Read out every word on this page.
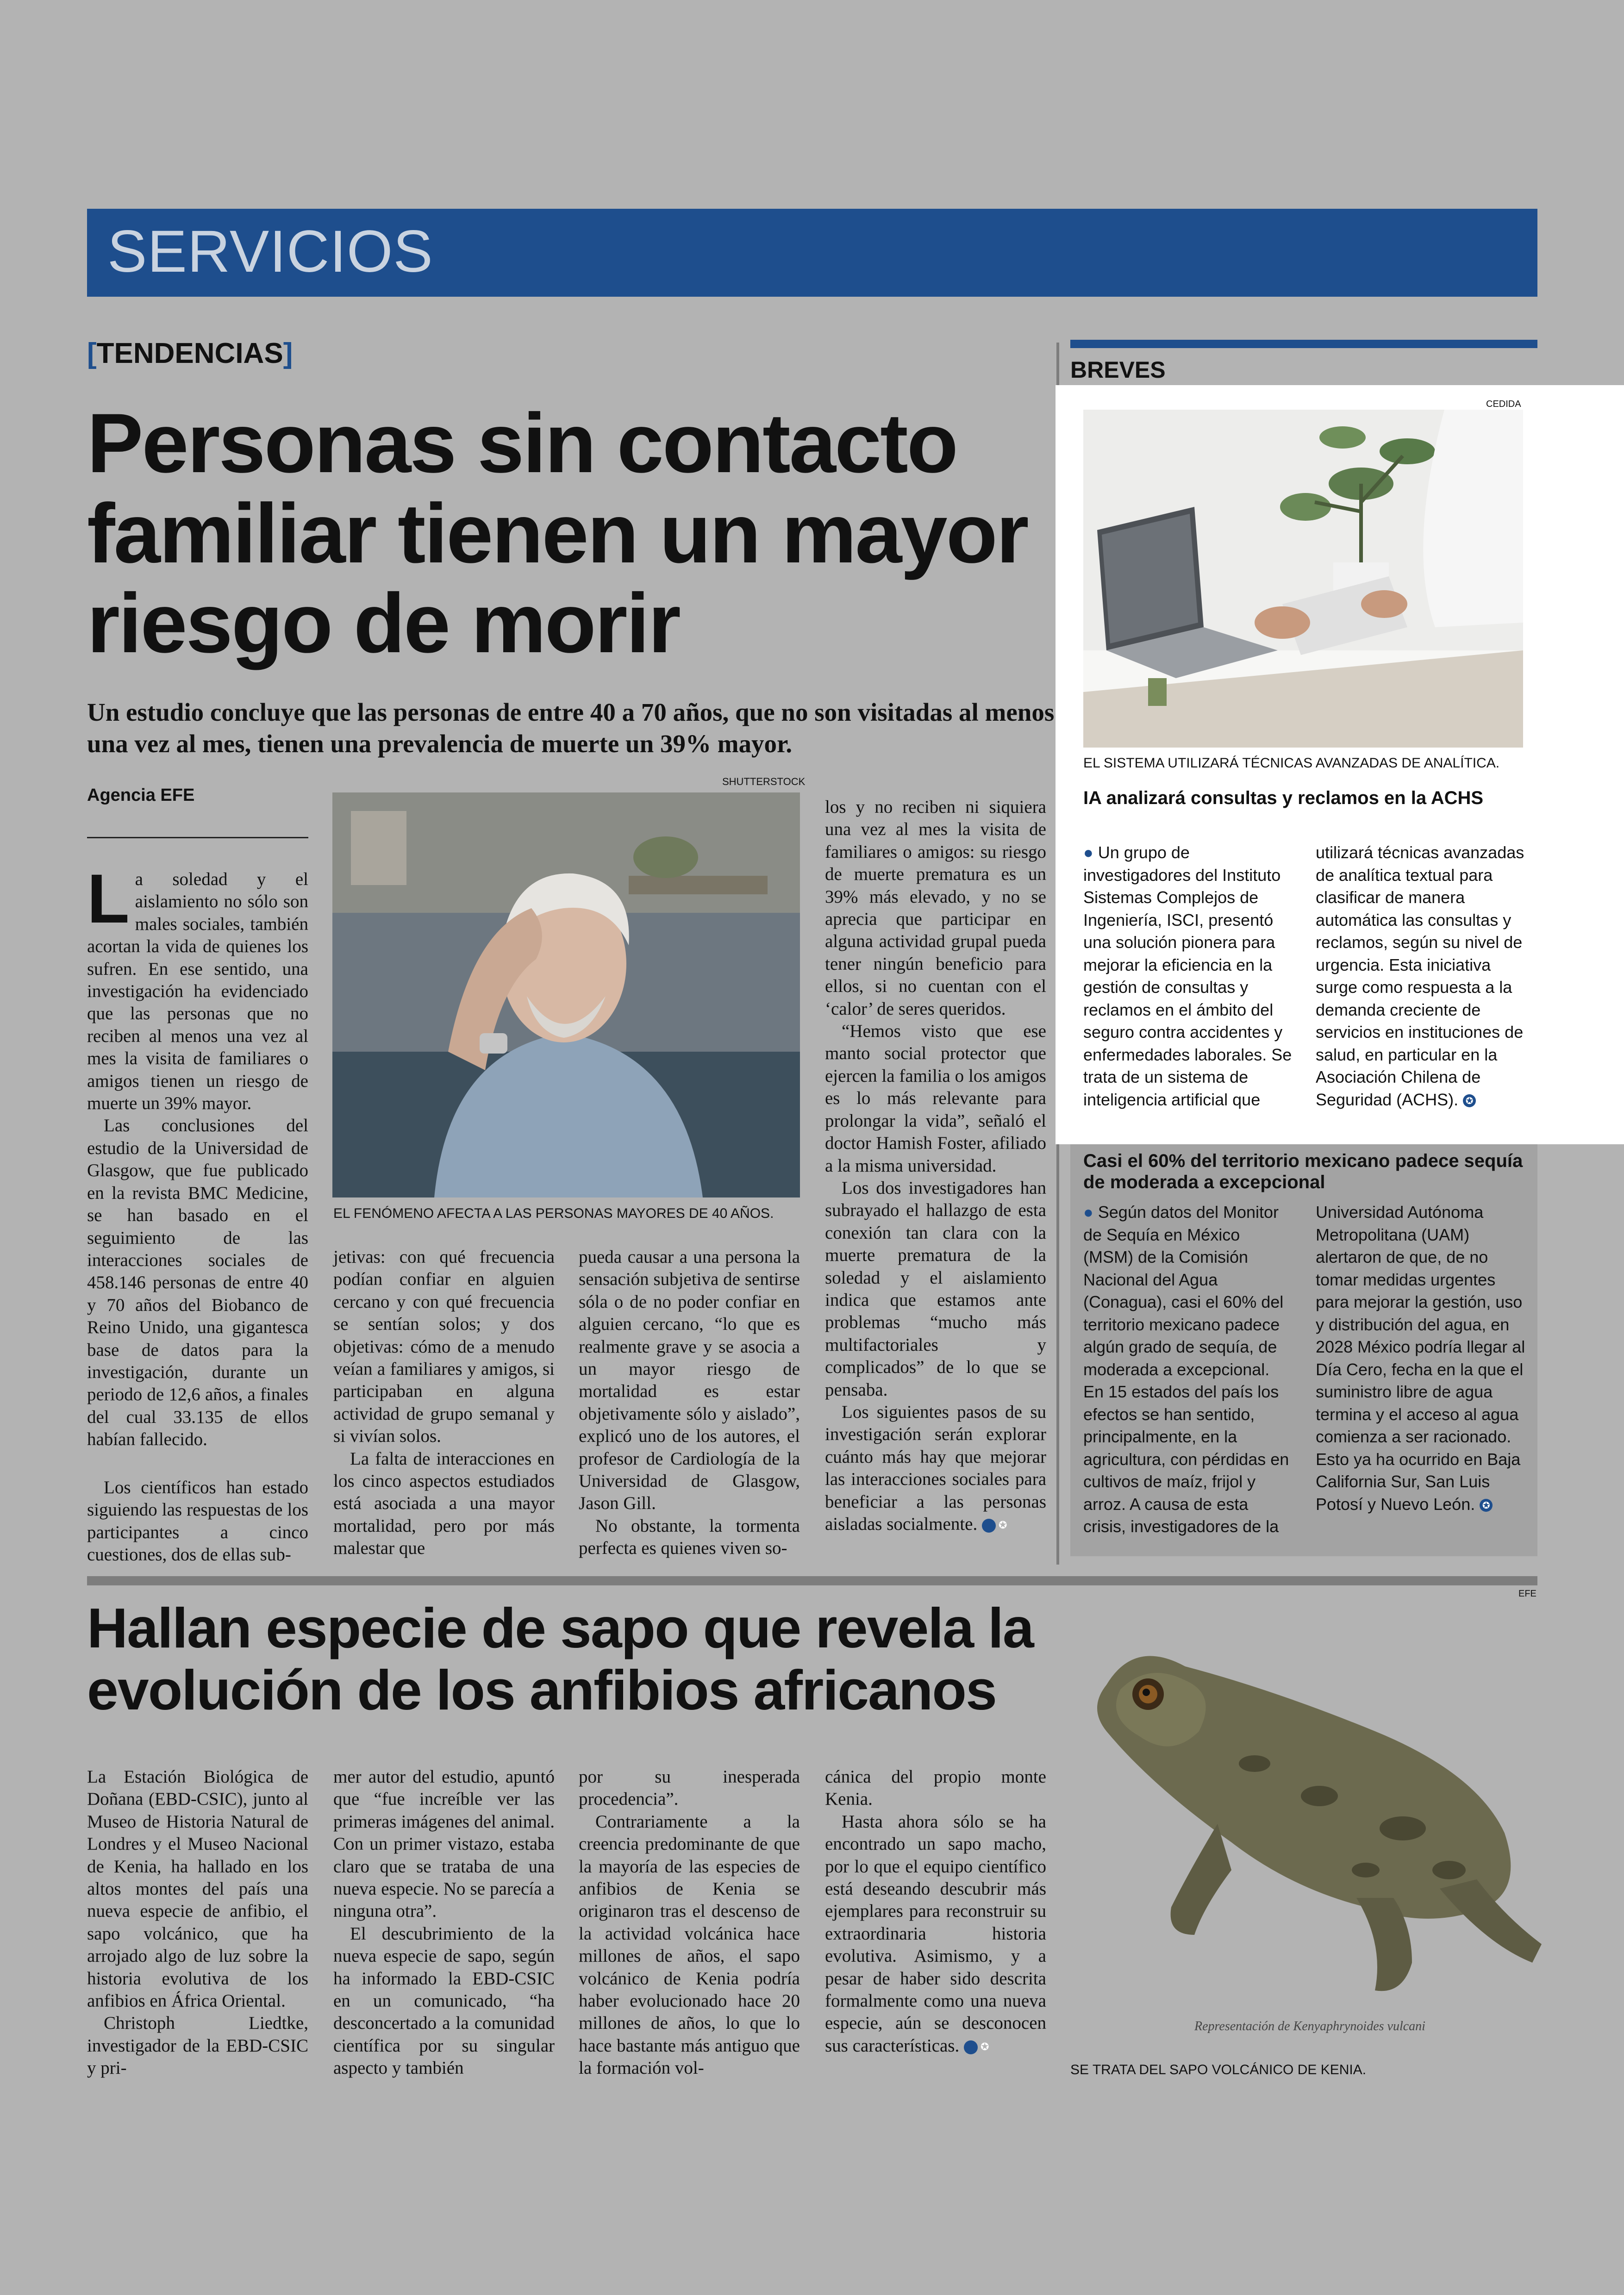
SERVICIOS
[TENDENCIAS]
Personas sin contacto familiar tienen un mayor riesgo de morir
Un estudio concluye que las personas de entre 40 a 70 años, que no son visitadas al menos una vez al mes, tienen una prevalencia de muerte un 39% mayor.
Agencia EFE

La soledad y el aislamiento no sólo son males sociales, también acortan la vida de quienes los sufren. En ese sentido, una investigación ha evidenciado que las personas que no reciben al menos una vez al mes la visita de familiares o amigos tienen un riesgo de muerte un 39% mayor.

Las conclusiones del estudio de la Universidad de Glasgow, que fue publicado en la revista BMC Medicine, se han basado en el seguimiento de las interacciones sociales de 458.146 personas de entre 40 y 70 años del Biobanco de Reino Unido, una gigantesca base de datos para la investigación, durante un periodo de 12,6 años, a finales del cual 33.135 de ellos habían fallecido.

Los científicos han estado siguiendo las respuestas de los participantes a cinco cuestiones, dos de ellas sub-

jetivas: con qué frecuencia podían confiar en alguien cercano y con qué frecuencia se sentían solos; y dos objetivas: cómo de a menudo veían a familiares y amigos, si participaban en alguna actividad de grupo semanal y si vivían solos.

La falta de interacciones en los cinco aspectos estudiados está asociada a una mayor mortalidad, pero por más malestar que

pueda causar a una persona la sensación subjetiva de sentirse sóla o de no poder confiar en alguien cercano, “lo que es realmente grave y se asocia a un mayor riesgo de mortalidad es estar objetivamente sólo y aislado”, explicó uno de los autores, el profesor de Cardiología de la Universidad de Glasgow, Jason Gill.

No obstante, la tormenta perfecta es quienes viven so-

los y no reciben ni siquiera una vez al mes la visita de familiares o amigos: su riesgo de muerte prematura es un 39% más elevado, y no se aprecia que participar en alguna actividad grupal pueda tener ningún beneficio para ellos, si no cuentan con el ‘calor’ de seres queridos.

“Hemos visto que ese manto social protector que ejercen la familia o los amigos es lo más relevante para prolongar la vida”, señaló el doctor Hamish Foster, afiliado a la misma universidad.

Los dos investigadores han subrayado el hallazgo de esta conexión tan clara con la muerte prematura de la soledad y el aislamiento indica que estamos ante problemas “mucho más multifactoriales y complicados” de lo que se pensaba.

Los siguientes pasos de su investigación serán explorar cuánto más hay que mejorar las interacciones sociales para beneficiar a las personas aisladas socialmente. ✪

SHUTTERSTOCK
EL FENÓMENO AFECTA A LAS PERSONAS MAYORES DE 40 AÑOS.
BREVES
CEDIDA
EL SISTEMA UTILIZARÁ TÉCNICAS AVANZADAS DE ANALÍTICA.
IA analizará consultas y reclamos en la ACHS
● Un grupo de investigadores del Instituto Sistemas Complejos de Ingeniería, ISCI, presentó una solución pionera para mejorar la eficiencia en la gestión de consultas y reclamos en el ámbito del seguro contra accidentes y enfermedades laborales. Se trata de un sistema de inteligencia artificial que
utilizará técnicas avanzadas de analítica textual para clasificar de manera automática las consultas y reclamos, según su nivel de urgencia. Esta iniciativa surge como respuesta a la demanda creciente de servicios en instituciones de salud, en particular en la Asociación Chilena de Seguridad (ACHS). ✪
Casi el 60% del territorio mexicano padece sequía de moderada a excepcional
● Según datos del Monitor de Sequía en México (MSM) de la Comisión Nacional del Agua (Conagua), casi el 60% del territorio mexicano padece algún grado de sequía, de moderada a excepcional. En 15 estados del país los efectos se han sentido, principalmente, en la agricultura, con pérdidas en cultivos de maíz, frijol y arroz. A causa de esta crisis, investigadores de la
Universidad Autónoma Metropolitana (UAM) alertaron de que, de no tomar medidas urgentes para mejorar la gestión, uso y distribución del agua, en 2028 México podría llegar al Día Cero, fecha en la que el suministro libre de agua termina y el acceso al agua comienza a ser racionado. Esto ya ha ocurrido en Baja California Sur, San Luis Potosí y Nuevo León. ✪
EFE
Hallan especie de sapo que revela la evolución de los anfibios africanos

La Estación Biológica de Doñana (EBD-CSIC), junto al Museo de Historia Natural de Londres y el Museo Nacional de Kenia, ha hallado en los altos montes del país una nueva especie de anfibio, el sapo volcánico, que ha arrojado algo de luz sobre la historia evolutiva de los anfibios en África Oriental.

Christoph Liedtke, investigador de la EBD-CSIC y pri-

mer autor del estudio, apuntó que “fue increíble ver las primeras imágenes del animal. Con un primer vistazo, estaba claro que se trataba de una nueva especie. No se parecía a ninguna otra”.

El descubrimiento de la nueva especie de sapo, según ha informado la EBD-CSIC en un comunicado, “ha desconcertado a la comunidad científica por su singular aspecto y también

por su inesperada procedencia”.

Contrariamente a la creencia predominante de que la mayoría de las especies de anfibios de Kenia se originaron tras el descenso de la actividad volcánica hace millones de años, el sapo volcánico de Kenia podría haber evolucionado hace 20 millones de años, lo que lo hace bastante más antiguo que la formación vol-

cánica del propio monte Kenia.

Hasta ahora sólo se ha encontrado un sapo macho, por lo que el equipo científico está deseando descubrir más ejemplares para reconstruir su extraordinaria historia evolutiva. Asimismo, y a pesar de haber sido descrita formalmente como una nueva especie, aún se desconocen sus características. ✪

Representación de Kenyaphrynoides vulcani
SE TRATA DEL SAPO VOLCÁNICO DE KENIA.
